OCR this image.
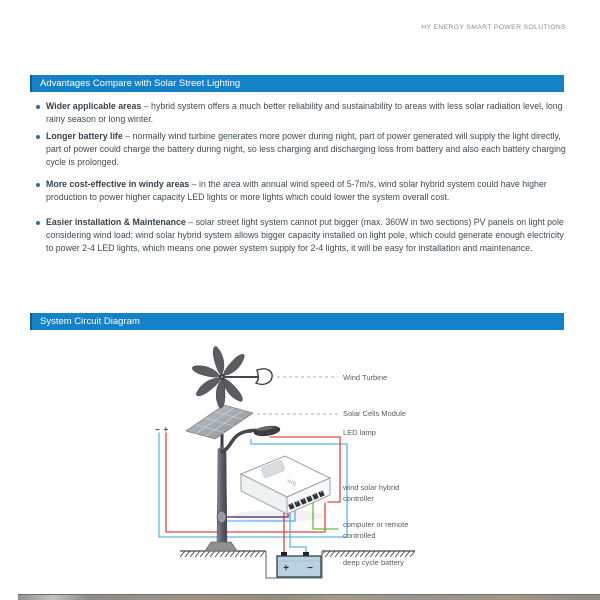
HY ENERGY SMART POWER SOLUTIONS
Advantages Compare with Solar Street Lighting
Wider applicable areas – hybrid system offers a much better reliability and sustainability to areas with less solar radiation level, long rainy season or long winter.
Longer battery life – normally wind turbine generates more power during night, part of power generated will supply the light directly, part of power could charge the battery during night, so less charging and discharging loss from battery and also each battery charging cycle is prolonged.
More cost-effective in windy areas – in the area with annual wind speed of 5-7m/s, wind solar hybrid system could have higher production to power higher capacity LED lights or more lights which could lower the system overall cost.
Easier installation & Maintenance – solar street light system cannot put bigger (max. 360W in two sections) PV panels on light pole considering wind load; wind solar hybrid system allows bigger capacity installed on light pole, which could generate enough electricity to power 2-4 LED lights, which means one power system supply for 2-4 lights, it will be easy for installation and maintenance.
System Circuit Diagram
HYE
+ −
− +	− +
Wind Turbine
Solar Cells Module
LED lamp
wind solar hybrid
controller
computer or remote
controlled
deep cycle battery
